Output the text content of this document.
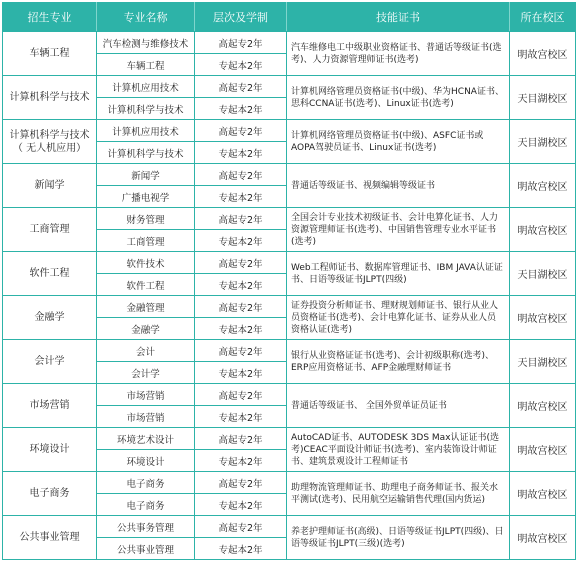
招生专业	专业名称	层次及学制	技能证书	所在校区

车辆工程	汽车检测与维修技术	高起专2年	汽车维修电工中级职业资格证书、普通话等级证书(选考)、人力资源管理师证书(选考)	明故宫校区
	车辆工程	专起本2年		

计算机科学与技术	计算机应用技术	高起专2年	计算机网络管理员资格证书(中级)、华为HCNA证书、思科CCNA证书(选考)、Linux证书(选考)	天目湖校区
	计算机科学与技术	专起本2年		

计算机科学与技术
（ 无人机应用）	计算机应用技术	高起专2年	计算机网络管理员资格证书(中级)、ASFC证书或AOPA驾驶员证书、Linux证书(选考)	天目湖校区
	计算机科学与技术	专起本2年		

新闻学	新闻学	高起专2年	普通话等级证书、视频编辑等级证书	明故宫校区
	广播电视学	专起本2年		

工商管理	财务管理	高起专2年	全国会计专业技术初级证书、会计电算化证书、人力资源管理师证书(选考)、中国销售管理专业水平证书(选考)	明故宫校区
	工商管理	专起本2年		

软件工程	软件技术	高起专2年	Web工程师证书、数据库管理证书、IBM JAVA认证证书、日语等级证书JLPT(四级)	天目湖校区
	软件工程	专起本2年		

金融学	金融管理	高起专2年	证券投资分析师证书、理财规划师证书、银行从业人员资格证书(选考)、会计电算化证书、证券从业人员资格认证(选考)	明故宫校区
	金融学	专起本2年		

会计学	会计	高起专2年	银行从业资格证证书(选考)、会计初级职称(选考)、ERP应用资格证书、AFP金融理财师证书	天目湖校区
	会计学	专起本2年		

市场营销	市场营销	高起专2年	普通话等级证书、 全国外贸单证员证书	明故宫校区
	市场营销	专起本2年		

环境设计	环境艺术设计	高起专2年	AutoCAD证书、AUTODESK 3DS Max认证证书(选考)CEAC平面设计师证书(选考)、室内装饰设计师证书、建筑景观设计工程师证书	明故宫校区
	环境设计	专起本2年		

电子商务	电子商务	高起专2年	助理物流管理师证书、助理电子商务师证书、报关水平测试(选考)、民用航空运输销售代理(国内货运)	明故宫校区
	电子商务	专起本2年		

公共事业管理	公共事务管理	高起专2年	养老护理师证书(高级)、日语等级证书JLPT(四级)、日语等级证书JLPT(三级)(选考)	明故宫校区
	公共事业管理	专起本2年		
